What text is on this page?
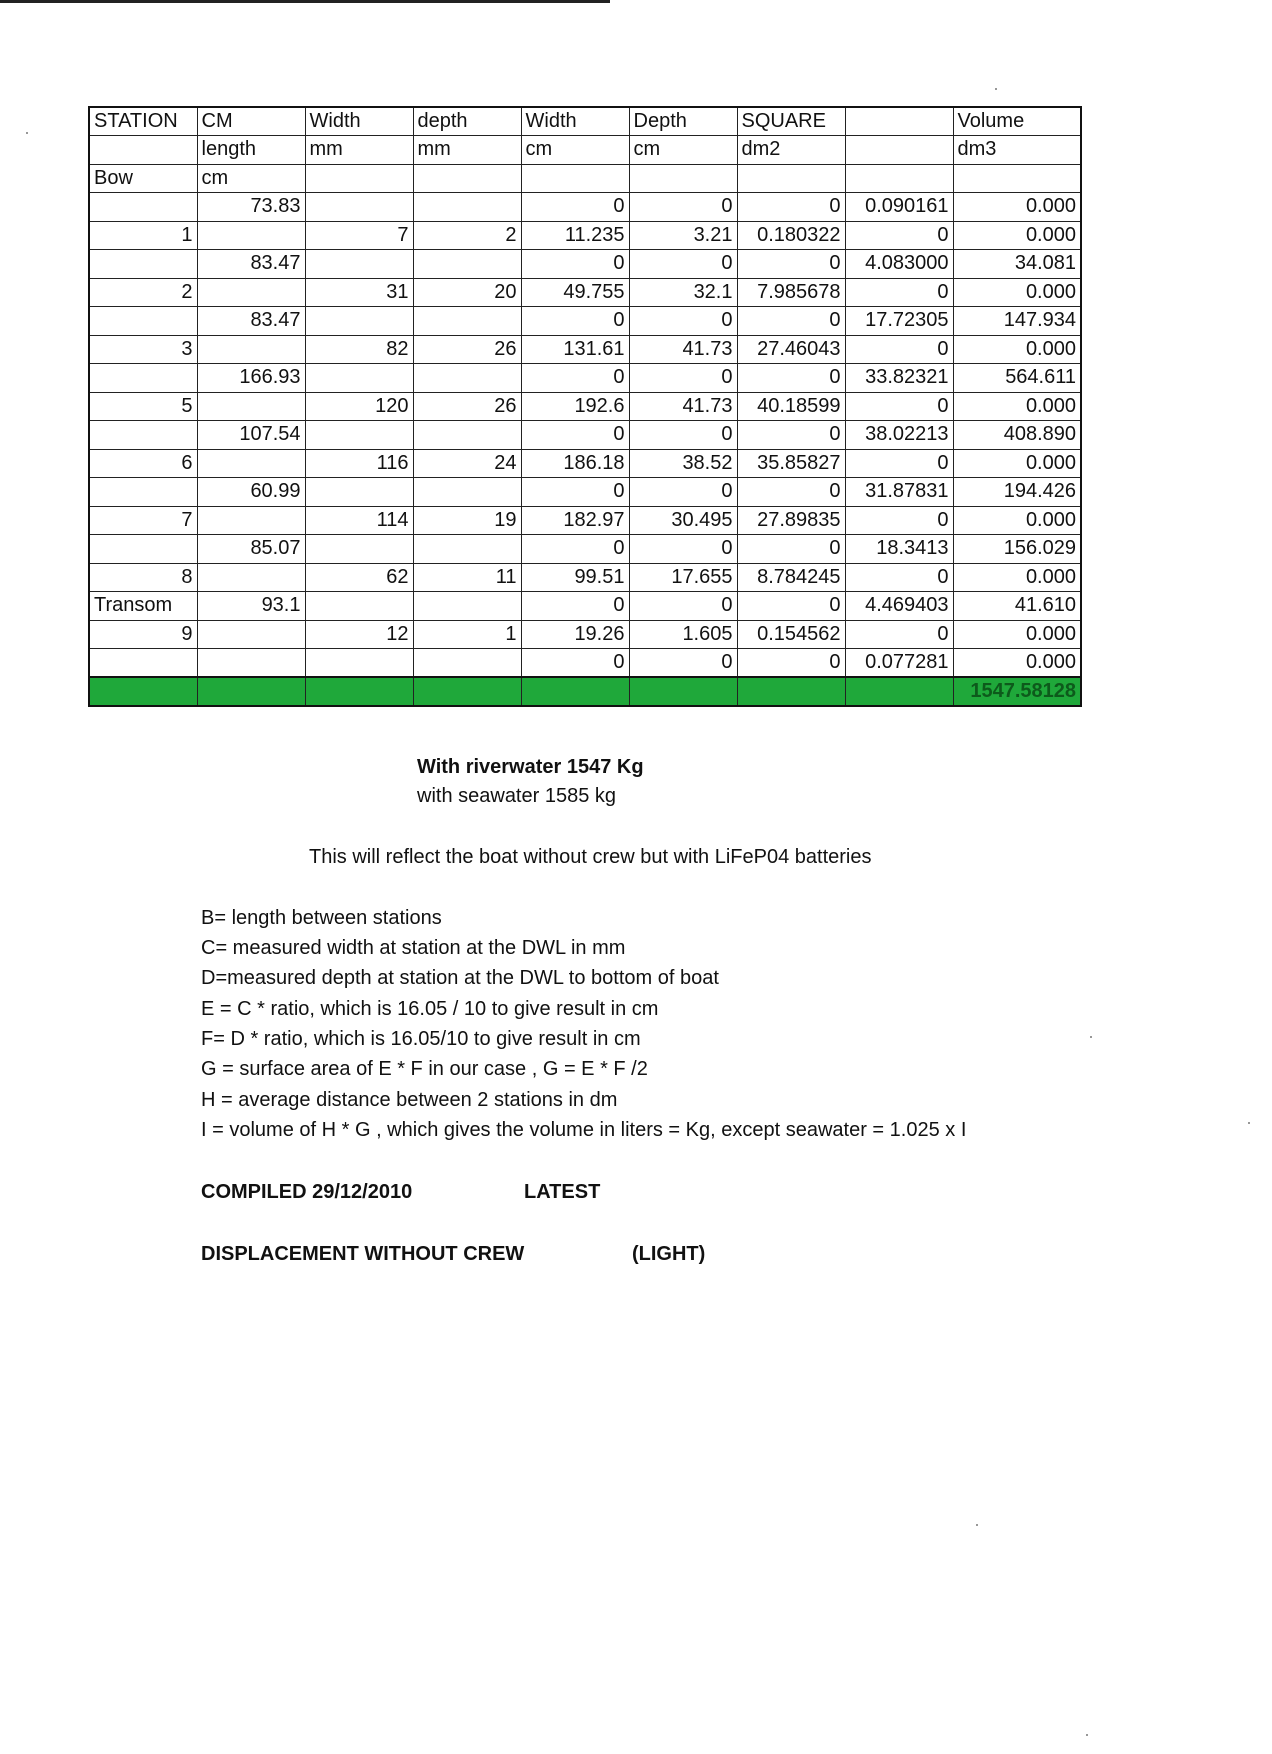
STATION	CM	Width	depth	Width	Depth	SQUARE		Volume
	length	mm	mm	cm	cm	dm2		dm3
Bow	cm							
	73.83			0	0	0	0.090161	0.000
1		7	2	11.235	3.21	0.180322	0	0.000
	83.47			0	0	0	4.083000	34.081
2		31	20	49.755	32.1	7.985678	0	0.000
	83.47			0	0	0	17.72305	147.934
3		82	26	131.61	41.73	27.46043	0	0.000
	166.93			0	0	0	33.82321	564.611
5		120	26	192.6	41.73	40.18599	0	0.000
	107.54			0	0	0	38.02213	408.890
6		116	24	186.18	38.52	35.85827	0	0.000
	60.99			0	0	0	31.87831	194.426
7		114	19	182.97	30.495	27.89835	0	0.000
	85.07			0	0	0	18.3413	156.029
8		62	11	99.51	17.655	8.784245	0	0.000
Transom	93.1			0	0	0	4.469403	41.610
9		12	1	19.26	1.605	0.154562	0	0.000
				0	0	0	0.077281	0.000
								1547.58128
With riverwater 1547 Kg
with seawater 1585 kg
This will reflect the boat without crew but with LiFeP04 batteries
B= length between stations
C= measured width at station at the DWL in mm
D=measured depth at station at the DWL to bottom of boat
E = C * ratio, which is 16.05 / 10 to give result in cm
F= D * ratio, which is 16.05/10 to give result in cm
G = surface area of E * F in our case , G = E * F /2
H = average distance between 2 stations in dm
I = volume of H * G , which gives the volume in liters = Kg, except seawater = 1.025 x I
COMPILED 29/12/2010	LATEST
DISPLACEMENT WITHOUT CREW	(LIGHT)
